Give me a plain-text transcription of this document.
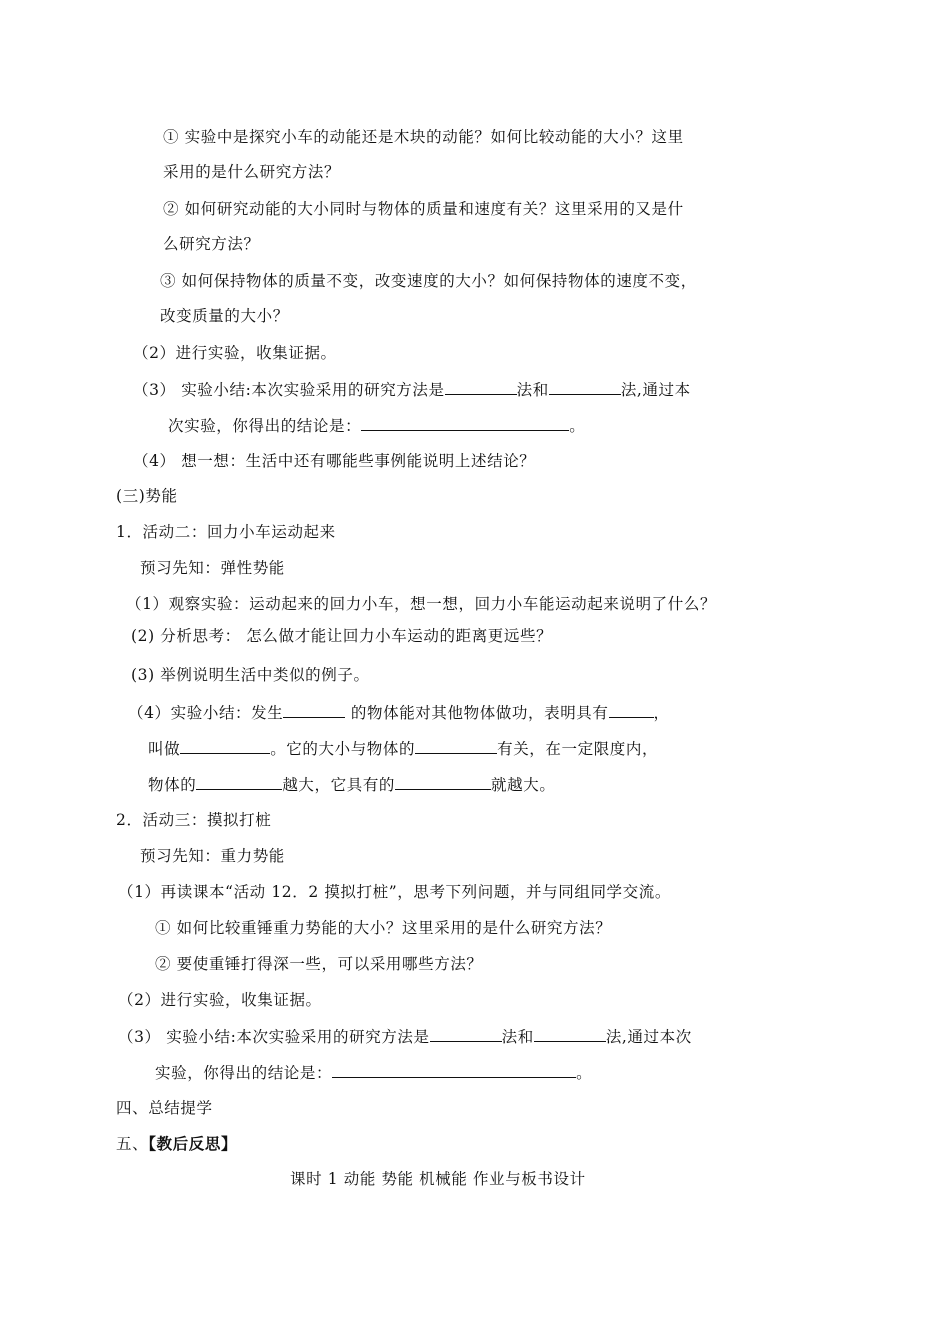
① 实验中是探究小车的动能还是木块的动能？如何比较动能的大小？这里
采用的是什么研究方法？
② 如何研究动能的大小同时与物体的质量和速度有关？这里采用的又是什
么研究方法？
③ 如何保持物体的质量不变，改变速度的大小？如何保持物体的速度不变，
改变质量的大小？
（2）进行实验，收集证据。
（3） 实验小结:本次实验采用的研究方法是	法和	法,通过本
次实验，你得出的结论是：	。
（4） 想一想：生活中还有哪能些事例能说明上述结论？
(三)势能
1．活动二：回力小车运动起来
预习先知：弹性势能
（1）观察实验：运动起来的回力小车，想一想，回力小车能运动起来说明了什么？
(2) 分析思考： 怎么做才能让回力小车运动的距离更远些？
(3) 举例说明生活中类似的例子。
（4）实验小结：发生	的物体能对其他物体做功，表明具有	，
叫做	。它的大小与物体的	有关，在一定限度内，
物体的	越大，它具有的	就越大。
2．活动三：摸拟打桩
预习先知：重力势能
（1）再读课本“活动 12．2 摸拟打桩”，思考下列问题，并与同组同学交流。
① 如何比较重锤重力势能的大小？这里采用的是什么研究方法？
② 要使重锤打得深一些，可以采用哪些方法？
（2）进行实验，收集证据。
（3） 实验小结:本次实验采用的研究方法是	法和	法,通过本次
实验，你得出的结论是：	。
四、总结提学
五、【教后反思】
课时 1 动能 势能 机械能 作业与板书设计
